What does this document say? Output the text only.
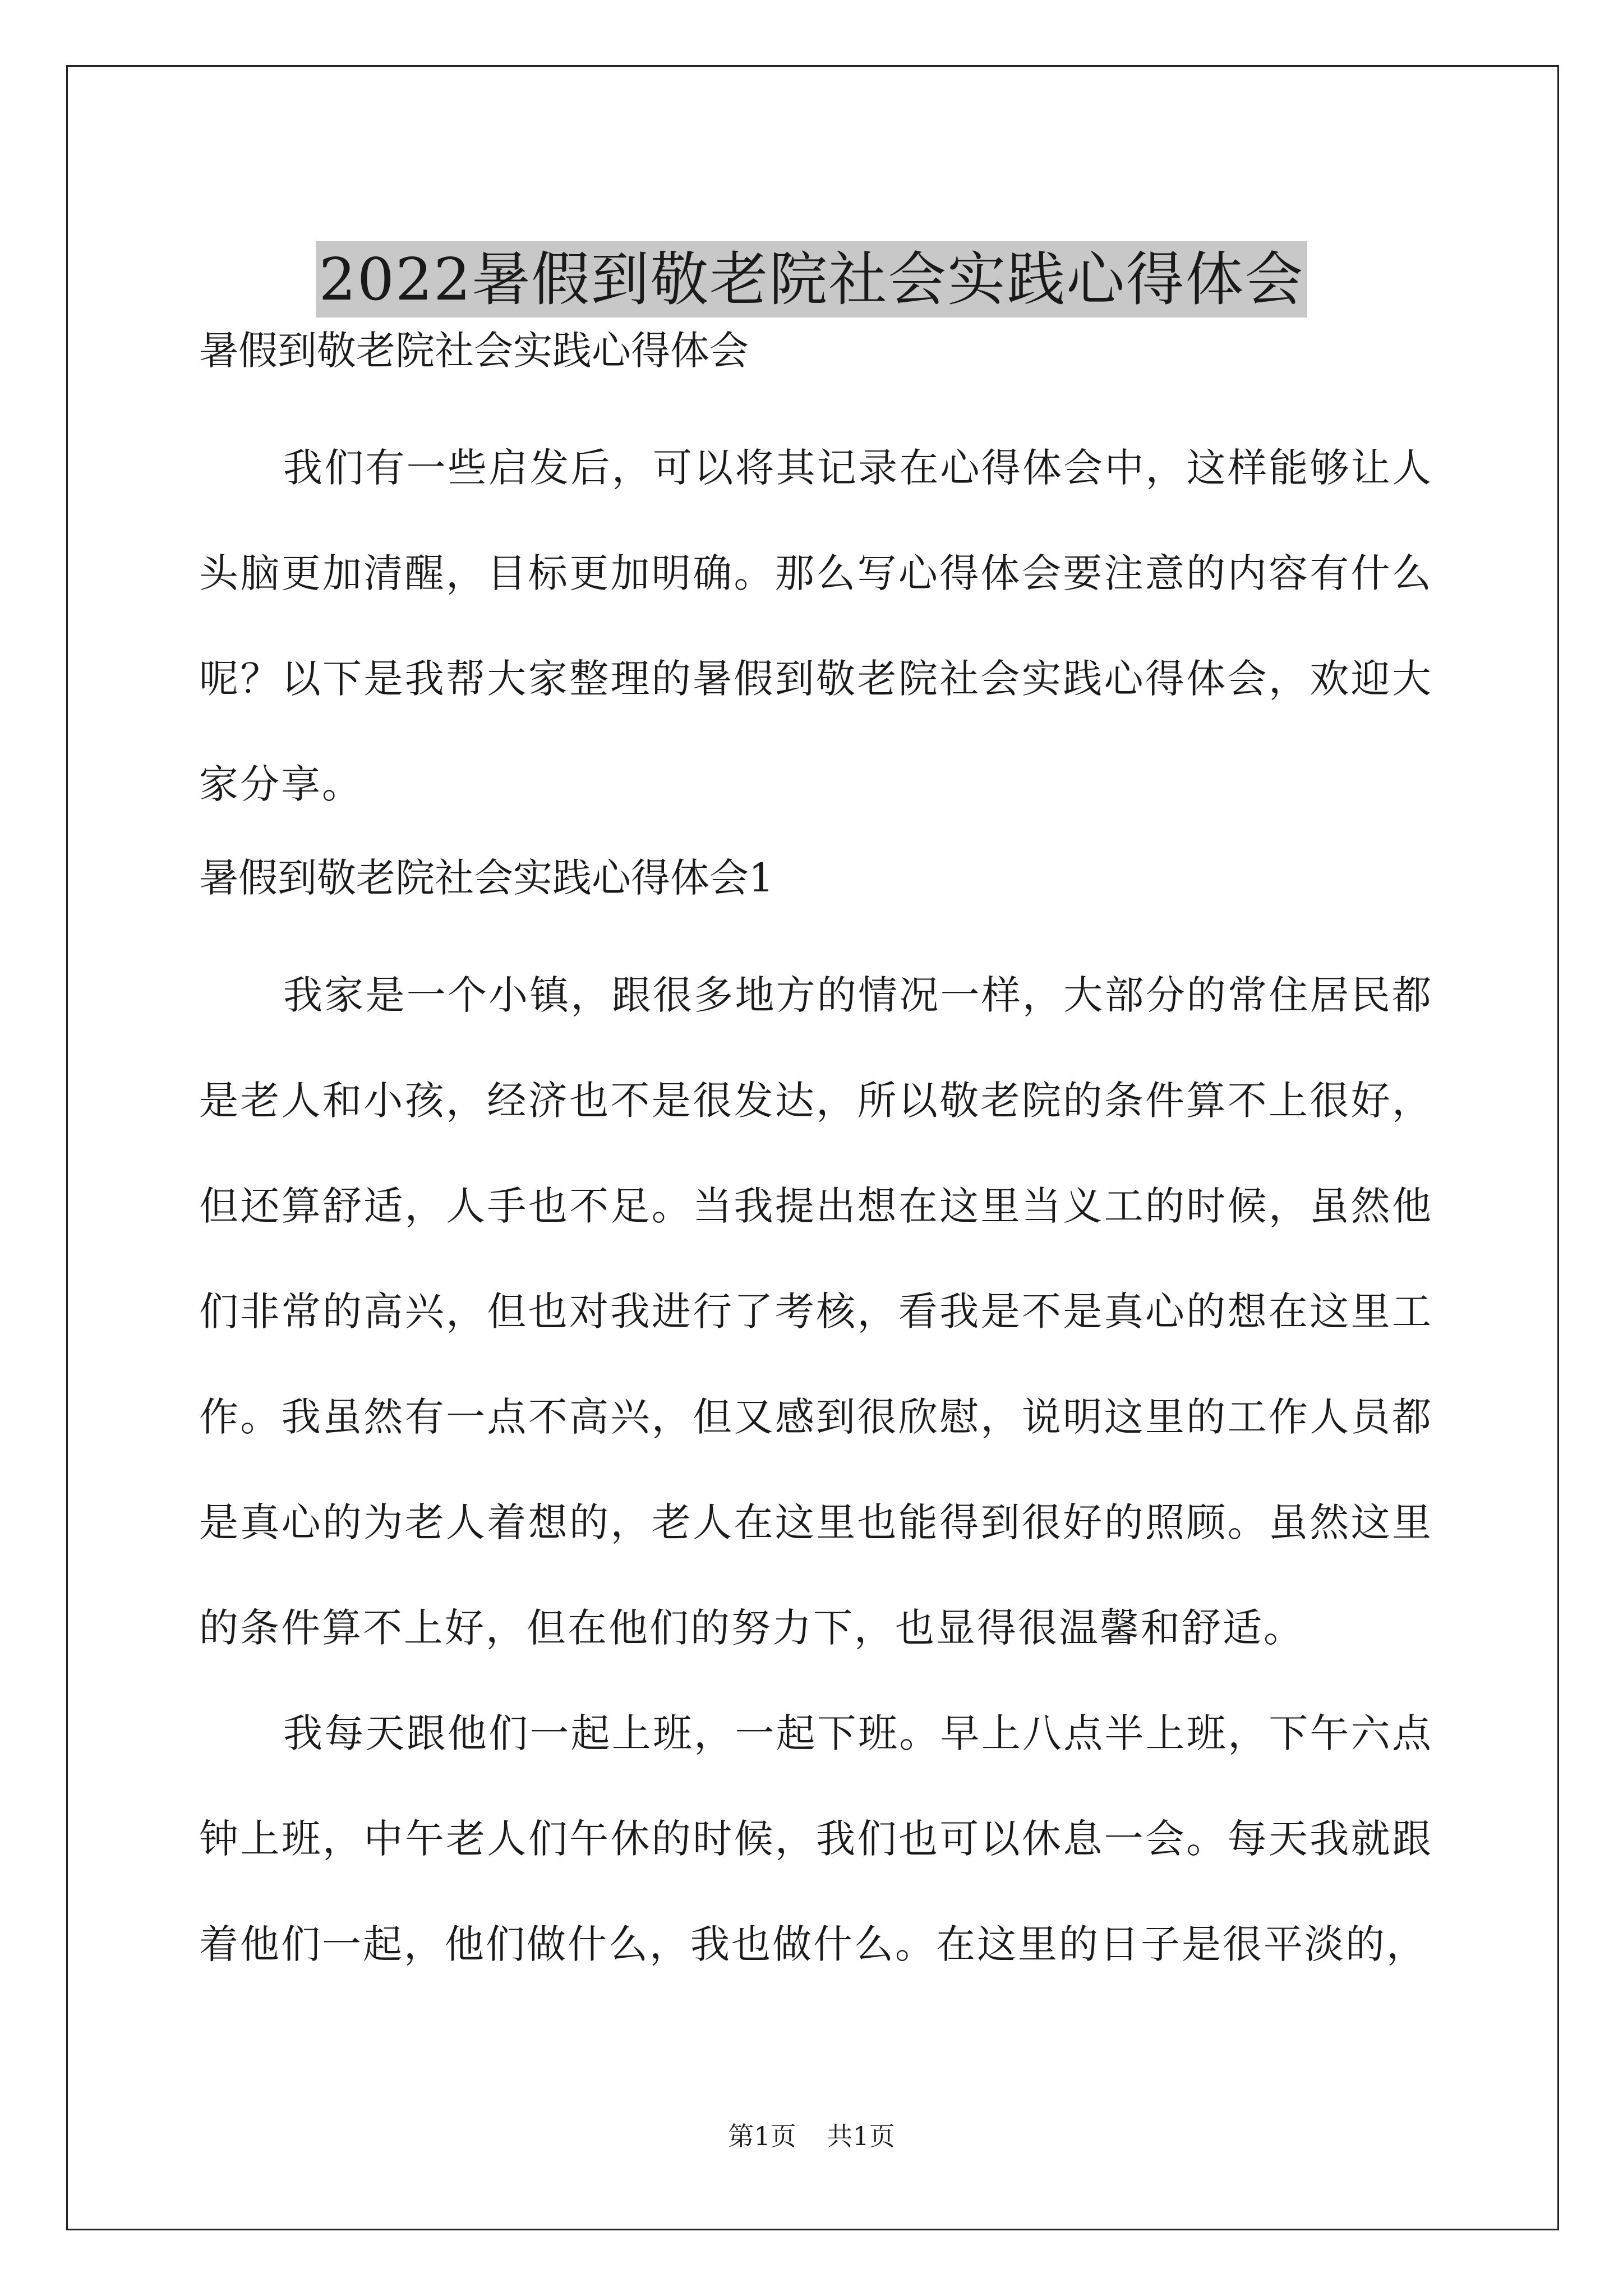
2022暑假到敬老院社会实践心得体会

暑假到敬老院社会实践心得体会

我们有一些启发后，可以将其记录在心得体会中，这样能够让人头脑更加清醒，目标更加明确。那么写心得体会要注意的内容有什么呢？以下是我帮大家整理的暑假到敬老院社会实践心得体会，欢迎大家分享。

暑假到敬老院社会实践心得体会1

我家是一个小镇，跟很多地方的情况一样，大部分的常住居民都是老人和小孩，经济也不是很发达，所以敬老院的条件算不上很好，但还算舒适，人手也不足。当我提出想在这里当义工的时候，虽然他们非常的高兴，但也对我进行了考核，看我是不是真心的想在这里工作。我虽然有一点不高兴，但又感到很欣慰，说明这里的工作人员都是真心的为老人着想的，老人在这里也能得到很好的照顾。虽然这里的条件算不上好，但在他们的努力下，也显得很温馨和舒适。

我每天跟他们一起上班，一起下班。早上八点半上班，下午六点钟上班，中午老人们午休的时候，我们也可以休息一会。每天我就跟着他们一起，他们做什么，我也做什么。在这里的日子是很平淡的，

第1页 共1页
